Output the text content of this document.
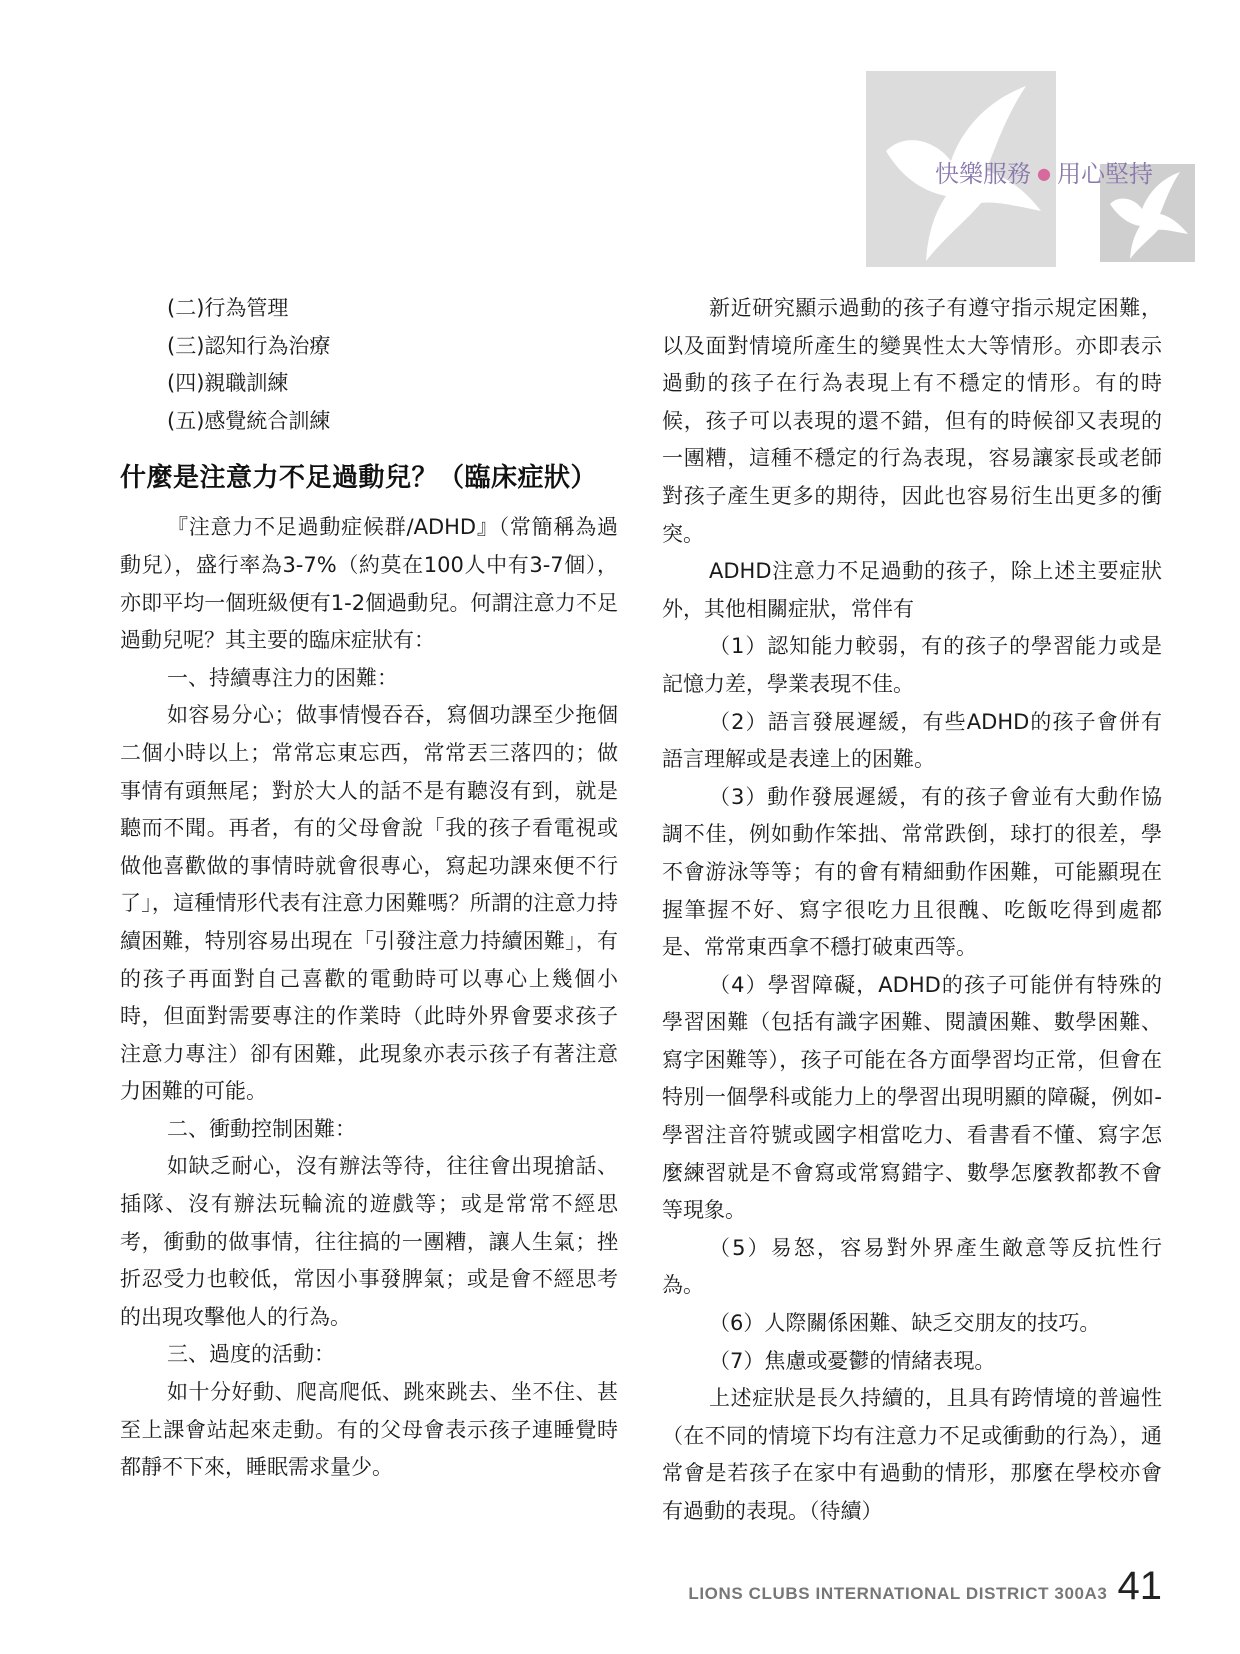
快樂服務 ● 用心堅持

(二)行為管理

(三)認知行為治療

(四)親職訓練

(五)感覺統合訓練

什麼是注意力不足過動兒？（臨床症狀）

『注意力不足過動症候群/ADHD』（常簡稱為過動兒），盛行率為3-7%（約莫在100人中有3-7個），亦即平均一個班級便有1-2個過動兒。何謂注意力不足過動兒呢？其主要的臨床症狀有：

一、持續專注力的困難：

如容易分心；做事情慢吞吞，寫個功課至少拖個二個小時以上；常常忘東忘西，常常丟三落四的；做事情有頭無尾；對於大人的話不是有聽沒有到，就是聽而不聞。再者，有的父母會說「我的孩子看電視或做他喜歡做的事情時就會很專心，寫起功課來便不行了」，這種情形代表有注意力困難嗎？所謂的注意力持續困難，特別容易出現在「引發注意力持續困難」，有的孩子再面對自己喜歡的電動時可以專心上幾個小時，但面對需要專注的作業時（此時外界會要求孩子注意力專注）卻有困難，此現象亦表示孩子有著注意力困難的可能。

二、衝動控制困難：

如缺乏耐心，沒有辦法等待，往往會出現搶話、插隊、沒有辦法玩輪流的遊戲等；或是常常不經思考，衝動的做事情，往往搞的一團糟，讓人生氣；挫折忍受力也較低，常因小事發脾氣；或是會不經思考的出現攻擊他人的行為。

三、過度的活動：

如十分好動、爬高爬低、跳來跳去、坐不住、甚至上課會站起來走動。有的父母會表示孩子連睡覺時都靜不下來，睡眠需求量少。

新近研究顯示過動的孩子有遵守指示規定困難，以及面對情境所產生的變異性太大等情形。亦即表示過動的孩子在行為表現上有不穩定的情形。有的時候，孩子可以表現的還不錯，但有的時候卻又表現的一團糟，這種不穩定的行為表現，容易讓家長或老師對孩子產生更多的期待，因此也容易衍生出更多的衝突。

ADHD注意力不足過動的孩子，除上述主要症狀外，其他相關症狀，常伴有

（1）認知能力較弱，有的孩子的學習能力或是記憶力差，學業表現不佳。

（2）語言發展遲緩，有些ADHD的孩子會併有語言理解或是表達上的困難。

（3）動作發展遲緩，有的孩子會並有大動作協調不佳，例如動作笨拙、常常跌倒，球打的很差，學不會游泳等等；有的會有精細動作困難，可能顯現在握筆握不好、寫字很吃力且很醜、吃飯吃得到處都是、常常東西拿不穩打破東西等。

（4）學習障礙，ADHD的孩子可能併有特殊的學習困難（包括有識字困難、閱讀困難、數學困難、寫字困難等），孩子可能在各方面學習均正常，但會在特別一個學科或能力上的學習出現明顯的障礙，例如-學習注音符號或國字相當吃力、看書看不懂、寫字怎麼練習就是不會寫或常寫錯字、數學怎麼教都教不會等現象。

（5）易怒，容易對外界產生敵意等反抗性行為。

（6）人際關係困難、缺乏交朋友的技巧。

（7）焦慮或憂鬱的情緒表現。

上述症狀是長久持續的，且具有跨情境的普遍性（在不同的情境下均有注意力不足或衝動的行為），通常會是若孩子在家中有過動的情形，那麼在學校亦會有過動的表現。（待續）

LIONS CLUBS INTERNATIONAL DISTRICT 300A3 41
